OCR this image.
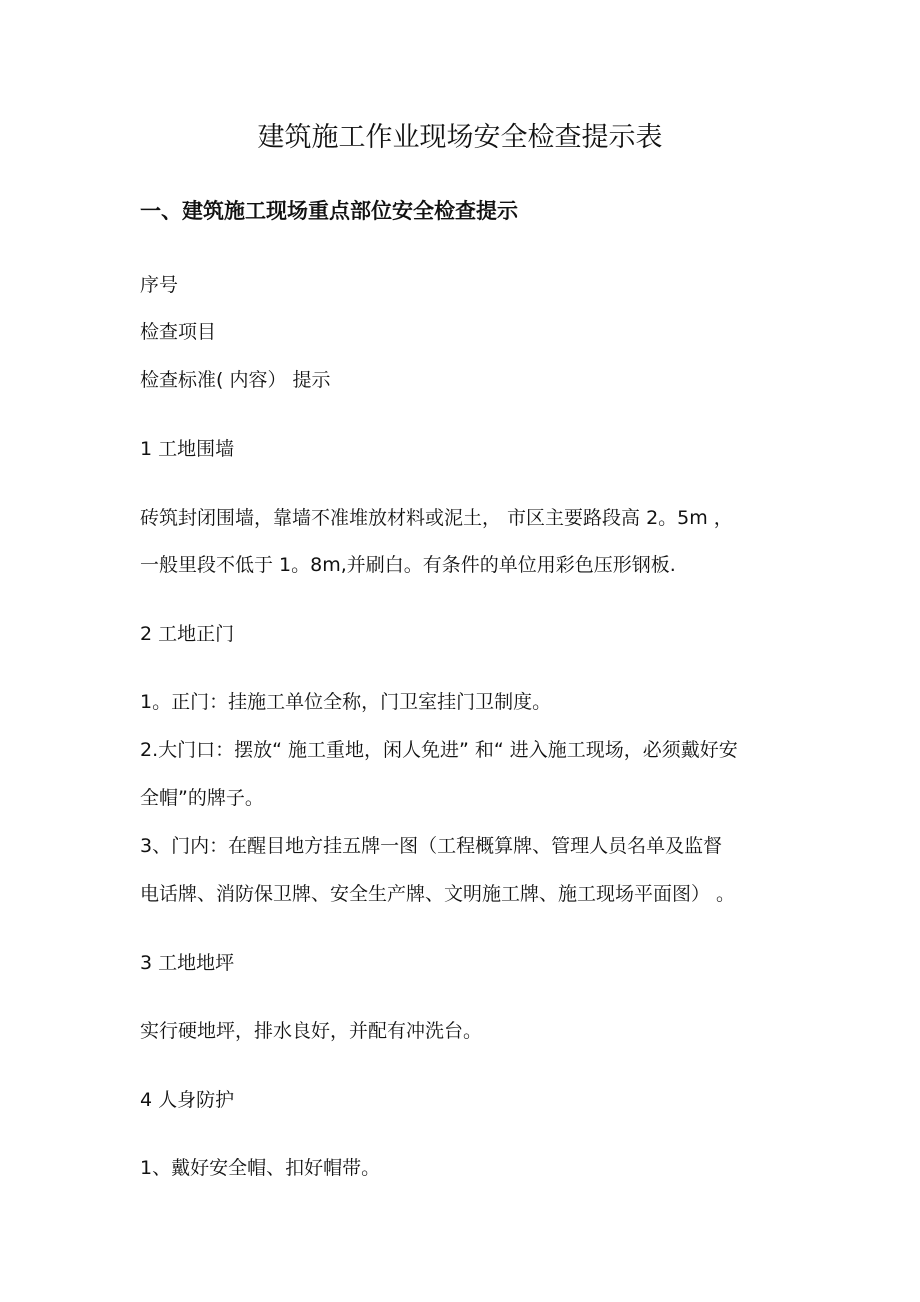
建筑施工作业现场安全检查提示表
一、建筑施工现场重点部位安全检查提示

序号

检查项目

检查标准( 内容） 提示

1 工地围墙

砖筑封闭围墙，靠墙不准堆放材料或泥土， 市区主要路段高 2。5m ，

一般里段不低于 1。8m,并刷白。有条件的单位用彩色压形钢板.

2 工地正门

1。正门：挂施工单位全称，门卫室挂门卫制度。

2.大门口：摆放“ 施工重地，闲人免进” 和“ 进入施工现场，必须戴好安

全帽”的牌子。

3、门内：在醒目地方挂五牌一图（工程概算牌、管理人员名单及监督

电话牌、消防保卫牌、安全生产牌、文明施工牌、施工现场平面图） 。

3 工地地坪

实行硬地坪，排水良好，并配有冲洗台。

4 人身防护

1、戴好安全帽、扣好帽带。
